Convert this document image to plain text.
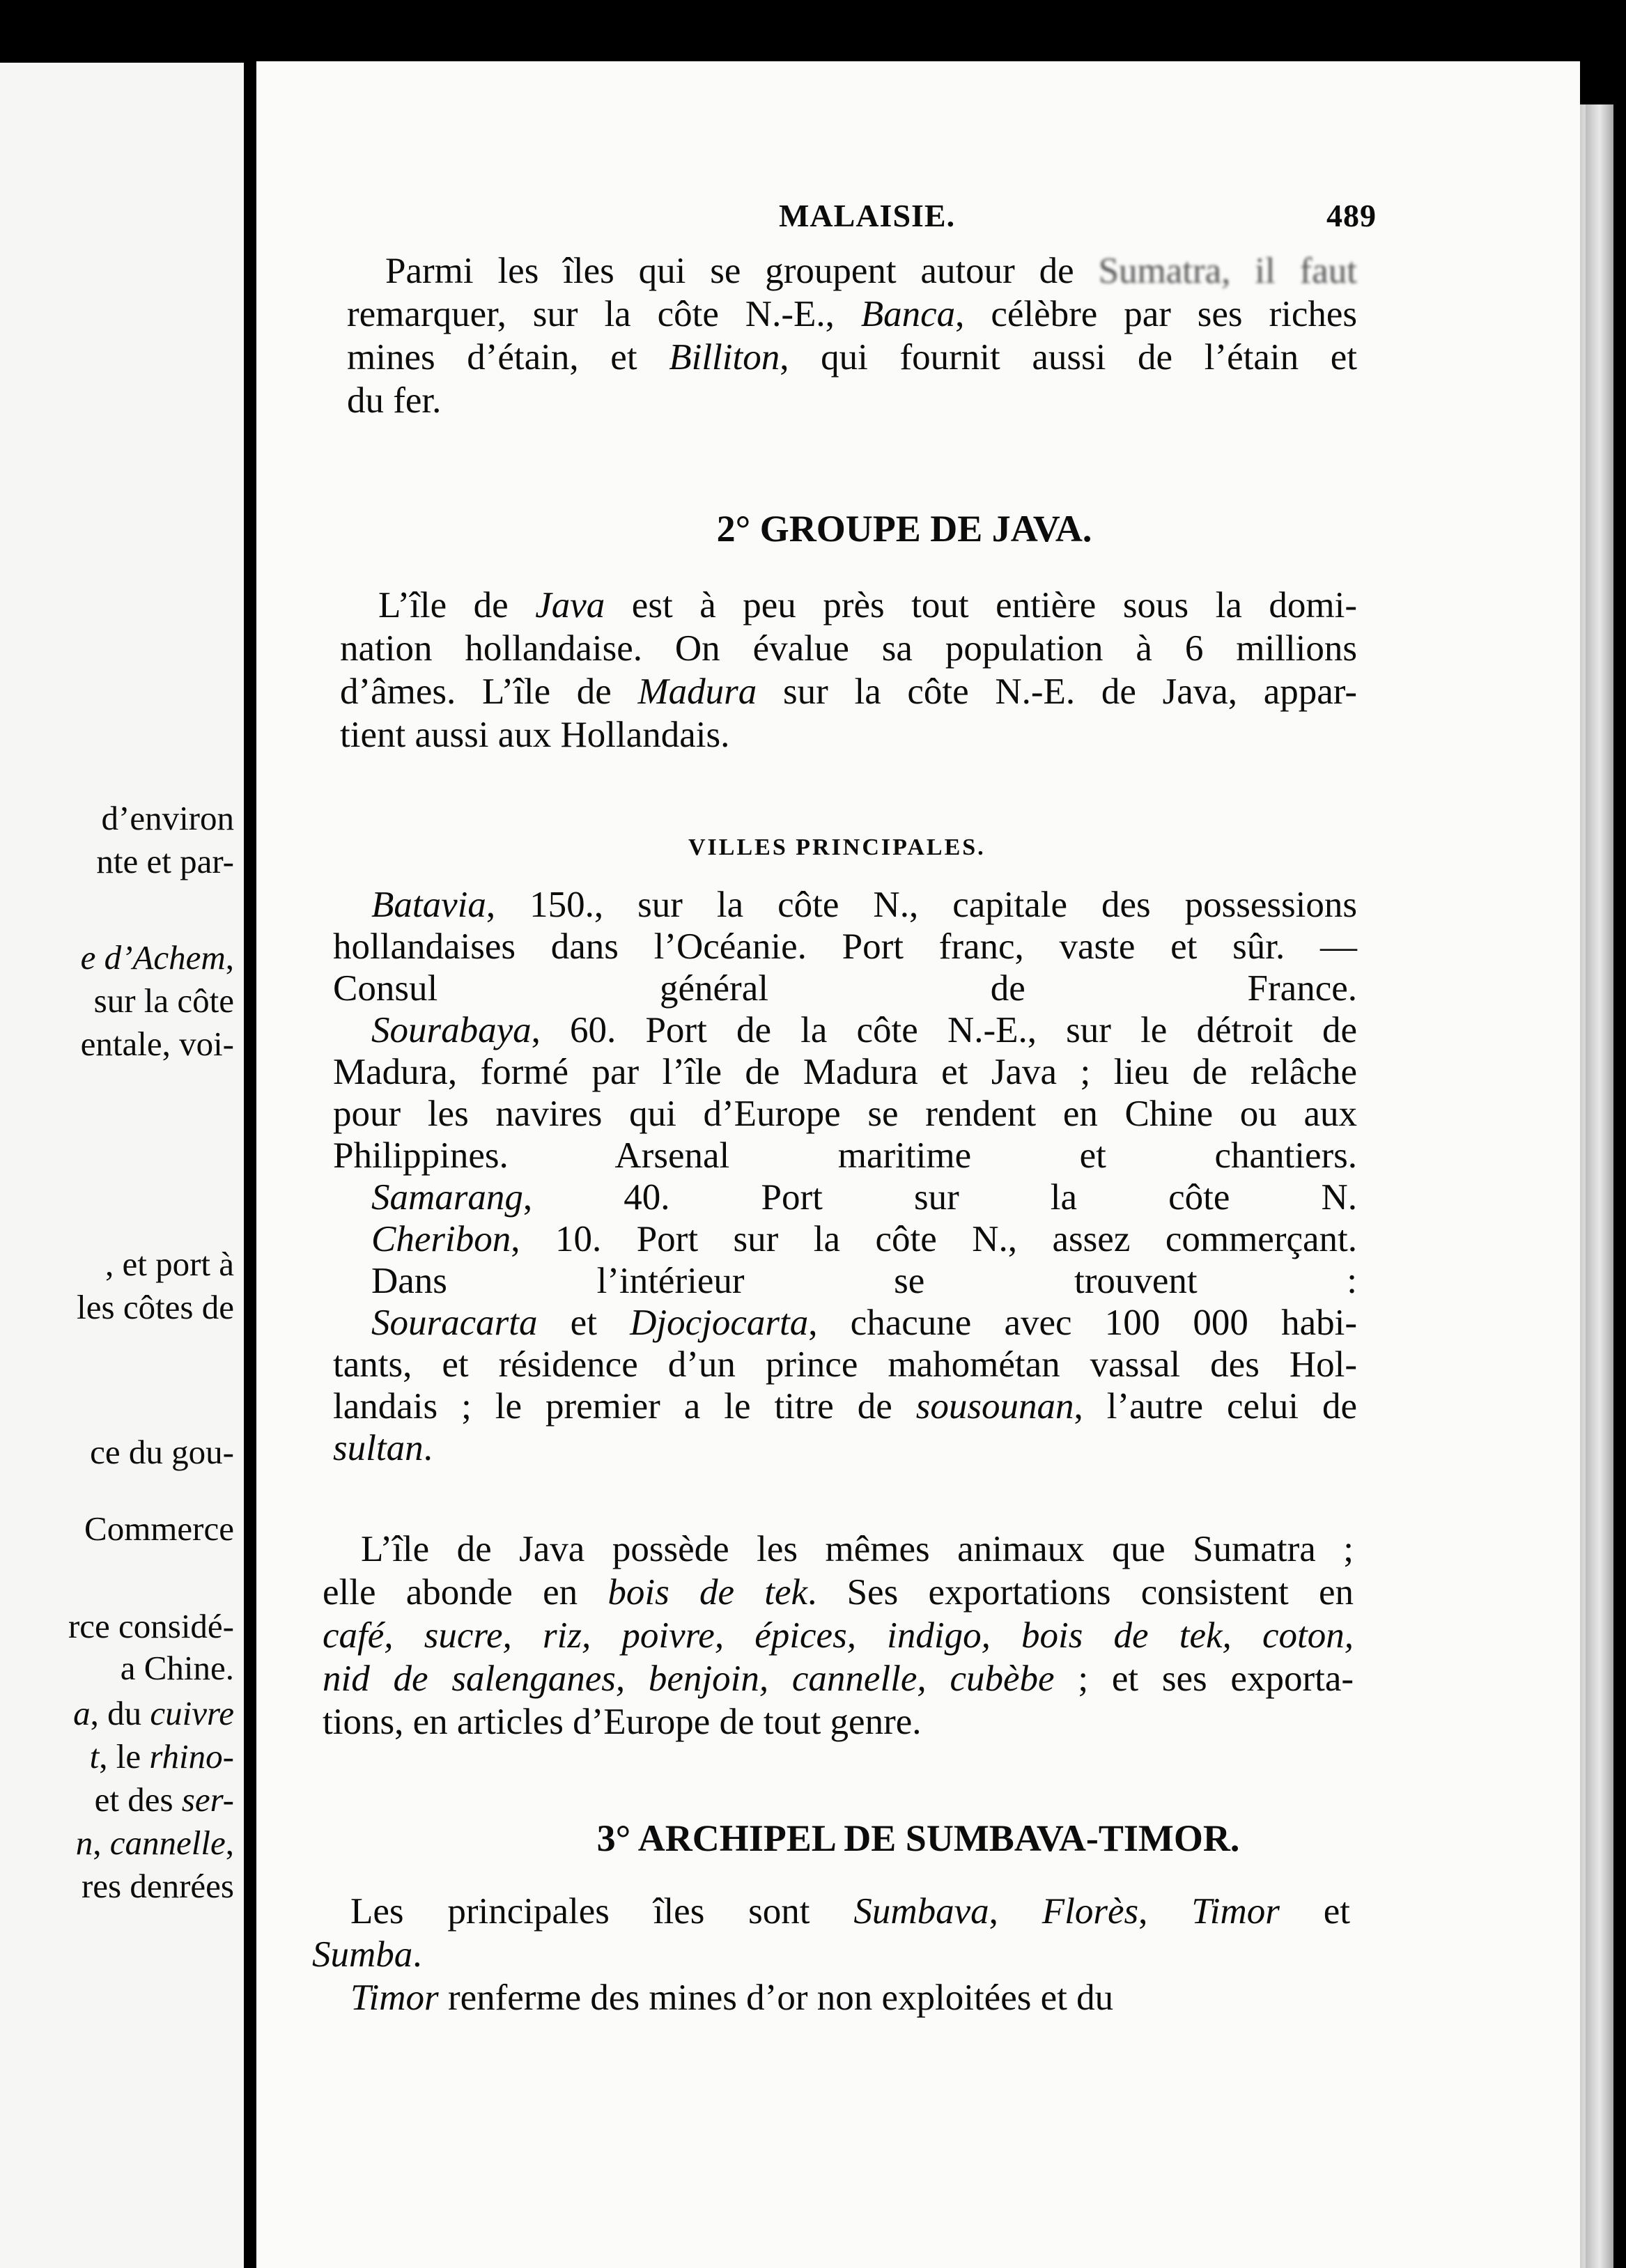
d’environ
nte et par-
e d’Achem,
sur la côte
entale, voi-
, et port à
les côtes de
ce du gou-
Commerce
rce considé-
a Chine.
a, du cuivre
t, le rhino-
et des ser-
n, cannelle,
res denrées
MALAISIE.	489
Parmi les îles qui se groupent autour de Sumatra, il faut
remarquer, sur la côte N.-E., Banca, célèbre par ses riches
mines d’étain, et Billiton, qui fournit aussi de l’étain et
du fer.
2° GROUPE DE JAVA.
L’île de Java est à peu près tout entière sous la domi-
nation hollandaise. On évalue sa population à 6 millions
d’âmes. L’île de Madura sur la côte N.-E. de Java, appar-
tient aussi aux Hollandais.
VILLES PRINCIPALES.
Batavia, 150., sur la côte N., capitale des possessions
hollandaises dans l’Océanie. Port franc, vaste et sûr. —
Consul général de France.
Sourabaya, 60. Port de la côte N.-E., sur le détroit de
Madura, formé par l’île de Madura et Java ; lieu de relâche
pour les navires qui d’Europe se rendent en Chine ou aux
Philippines. Arsenal maritime et chantiers.
Samarang, 40. Port sur la côte N.
Cheribon, 10. Port sur la côte N., assez commerçant.
Dans l’intérieur se trouvent :
Souracarta et Djocjocarta, chacune avec 100 000 habi-
tants, et résidence d’un prince mahométan vassal des Hol-
landais ; le premier a le titre de sousounan, l’autre celui de
sultan.
L’île de Java possède les mêmes animaux que Sumatra ;
elle abonde en bois de tek. Ses exportations consistent en
café, sucre, riz, poivre, épices, indigo, bois de tek, coton,
nid de salenganes, benjoin, cannelle, cubèbe ; et ses exporta-
tions, en articles d’Europe de tout genre.
3° ARCHIPEL DE SUMBAVA-TIMOR.
Les principales îles sont Sumbava, Florès, Timor et
Sumba.
Timor renferme des mines d’or non exploitées et du
